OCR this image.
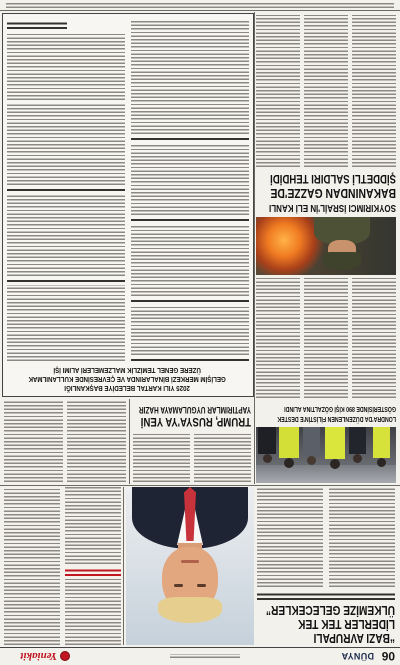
06
DÜNYA
Yeniakit
“BAZI AVRUPALI
LİDERLER TEK TEK
ÜLKEMİZE GELECEKLER”
LONDRA'DA DÜZENLENEN FİLİSTİN'E DESTEK
GÖSTERİSİNDE 890 KİŞİ GÖZALTINA ALINDI
TRUMP, RUSYA'YA YENİ
YAPTIRIMLAR UYGULAMAYA HAZIR
2025 YILI KARTAL BELEDİYE BAŞKANLIĞI
GELİŞİM MERKEZİ BİNALARINDA VE ÇEVRESİNDE KULLANILMAK
ÜZERE GENEL TEMİZLİK MALZEMELERİ ALIMI İŞİ
SOYKIRIMCI İSRAİL'İN ELİ KANLI
BAKANINDAN GAZZE'DE
ŞİDDETLİ SALDIRI TEHDİDİ
